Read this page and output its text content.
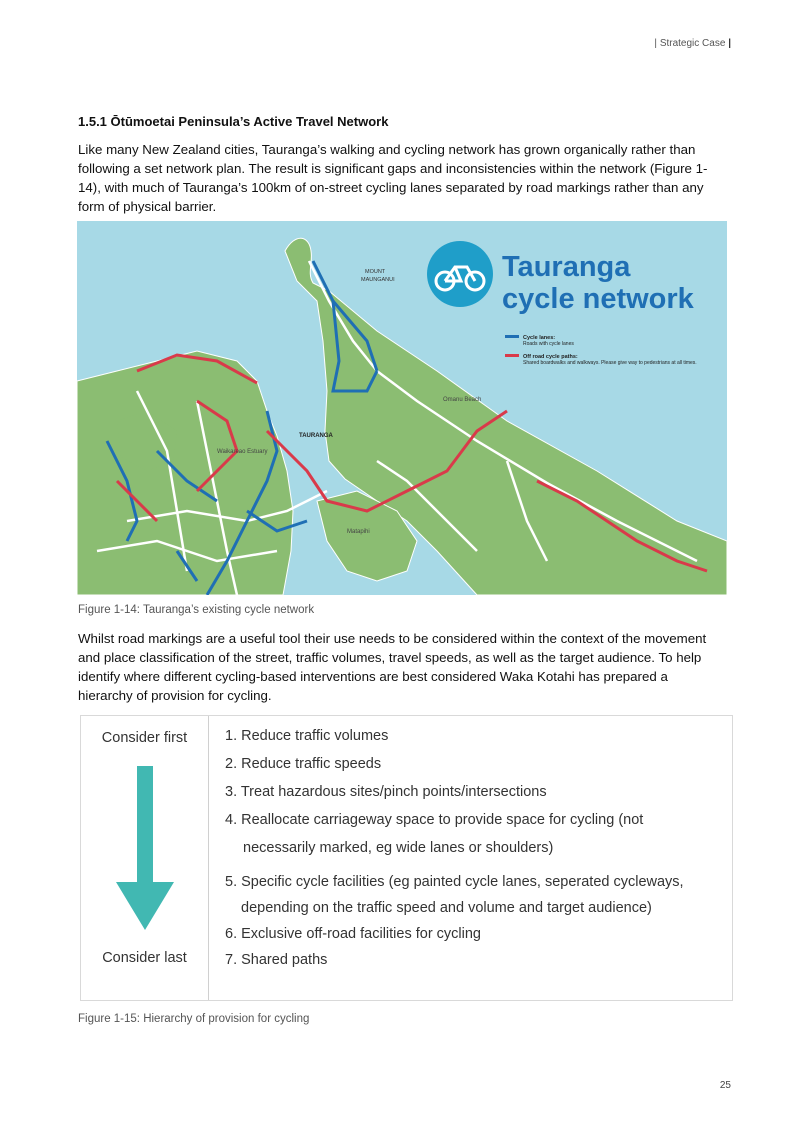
| Strategic Case |
1.5.1 Ōtūmoetai Peninsula’s Active Travel Network
Like many New Zealand cities, Tauranga’s walking and cycling network has grown organically rather than following a set network plan. The result is significant gaps and inconsistencies within the network (Figure 1-14), with much of Tauranga’s 100km of on-street cycling lanes separated by road markings rather than any form of physical barrier.
Tauranga
cycle network
Cycle lanes:
Roads with cycle lanes
Off road cycle paths:
Shared boardwalks and walkways. Please give way to pedestrians at all times.
MOUNT
MAUNGANUI
TAURANGA
Matapihi
Omanu Beach
Waikareao Estuary
Figure 1-14: Tauranga’s existing cycle network
Whilst road markings are a useful tool their use needs to be considered within the context of the movement and place classification of the street, traffic volumes, travel speeds, as well as the target audience. To help identify where different cycling-based interventions are best considered Waka Kotahi has prepared a hierarchy of provision for cycling.
Consider first
Consider last
1. Reduce traffic volumes
2. Reduce traffic speeds
3. Treat hazardous sites/pinch points/intersections
4. Reallocate carriageway space to provide space for cycling (not
necessarily marked, eg wide lanes or shoulders)
5. Specific cycle facilities (eg painted cycle lanes, seperated cycleways,
depending on the traffic speed and volume and target audience)
6. Exclusive off-road facilities for cycling
7. Shared paths
Figure 1-15: Hierarchy of provision for cycling
25
